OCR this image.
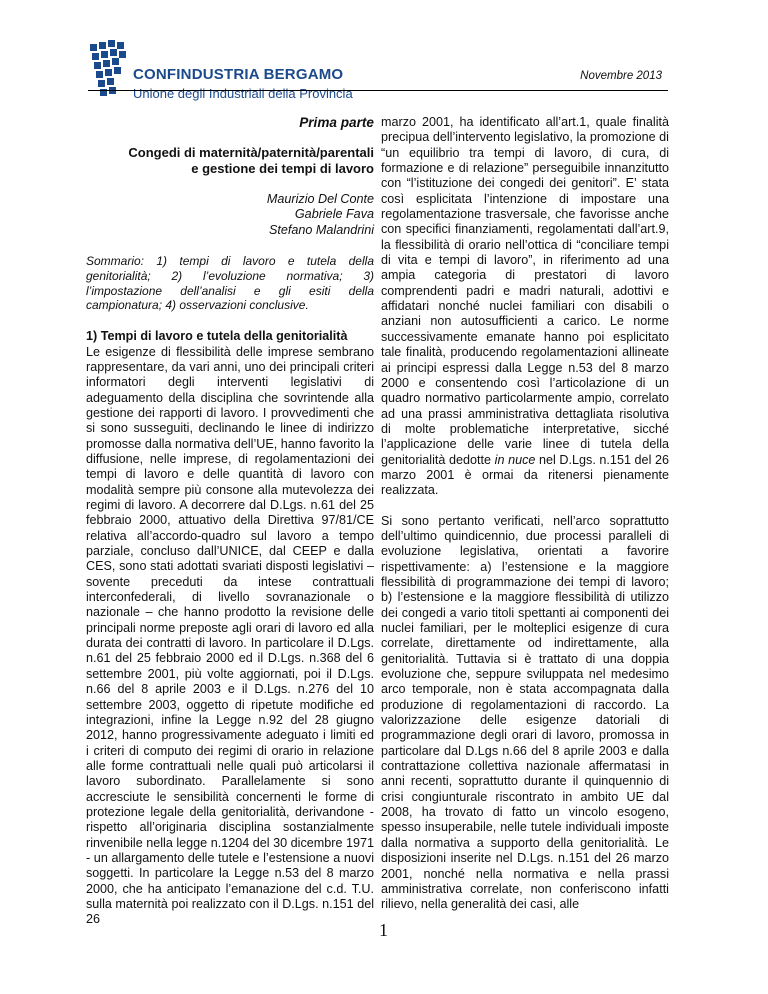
CONFINDUSTRIA BERGAMO
Unione degli Industriali della Provincia
Novembre 2013

Prima parte

Congedi di maternità/paternità/parentali
e gestione dei tempi di lavoro

Maurizio Del Conte
Gabriele Fava
Stefano Malandrini

Sommario: 1) tempi di lavoro e tutela della genitorialità; 2) l’evoluzione normativa; 3) l’impostazione dell’analisi e gli esiti della campionatura; 4) osservazioni conclusive.

1) Tempi di lavoro e tutela della genitorialità

Le esigenze di flessibilità delle imprese sembrano rappresentare, da vari anni, uno dei principali criteri informatori degli interventi legislativi di adeguamento della disciplina che sovrintende alla gestione dei rapporti di lavoro. I provvedimenti che si sono susseguiti, declinando le linee di indirizzo promosse dalla normativa dell’UE, hanno favorito la diffusione, nelle imprese, di regolamentazioni dei tempi di lavoro e delle quantità di lavoro con modalità sempre più consone alla mutevolezza dei regimi di lavoro. A decorrere dal D.Lgs. n.61 del 25 febbraio 2000, attuativo della Direttiva 97/81/CE relativa all’accordo-quadro sul lavoro a tempo parziale, concluso dall’UNICE, dal CEEP e dalla CES, sono stati adottati svariati disposti legislativi – sovente preceduti da intese contrattuali interconfederali, di livello sovranazionale o nazionale – che hanno prodotto la revisione delle principali norme preposte agli orari di lavoro ed alla durata dei contratti di lavoro. In particolare il D.Lgs. n.61 del 25 febbraio 2000 ed il D.Lgs. n.368 del 6 settembre 2001, più volte aggiornati, poi il D.Lgs. n.66 del 8 aprile 2003 e il D.Lgs. n.276 del 10 settembre 2003, oggetto di ripetute modifiche ed integrazioni, infine la Legge n.92 del 28 giugno 2012, hanno progressivamente adeguato i limiti ed i criteri di computo dei regimi di orario in relazione alle forme contrattuali nelle quali può articolarsi il lavoro subordinato. Parallelamente si sono accresciute le sensibilità concernenti le forme di protezione legale della genitorialità, derivandone - rispetto all’originaria disciplina sostanzialmente rinvenibile nella legge n.1204 del 30 dicembre 1971 - un allargamento delle tutele e l’estensione a nuovi soggetti. In particolare la Legge n.53 del 8 marzo 2000, che ha anticipato l’emanazione del c.d. T.U. sulla maternità poi realizzato con il D.Lgs. n.151 del 26

marzo 2001, ha identificato all’art.1, quale finalità precipua dell’intervento legislativo, la promozione di “un equilibrio tra tempi di lavoro, di cura, di formazione e di relazione” perseguibile innanzitutto con “l’istituzione dei congedi dei genitori”. E’ stata così esplicitata l’intenzione di impostare una regolamentazione trasversale, che favorisse anche con specifici finanziamenti, regolamentati dall’art.9, la flessibilità di orario nell’ottica di “conciliare tempi di vita e tempi di lavoro”, in riferimento ad una ampia categoria di prestatori di lavoro comprendenti padri e madri naturali, adottivi e affidatari nonché nuclei familiari con disabili o anziani non autosufficienti a carico. Le norme successivamente emanate hanno poi esplicitato tale finalità, producendo regolamentazioni allineate ai principi espressi dalla Legge n.53 del 8 marzo 2000 e consentendo così l’articolazione di un quadro normativo particolarmente ampio, correlato ad una prassi amministrativa dettagliata risolutiva di molte problematiche interpretative, sicché l’applicazione delle varie linee di tutela della genitorialità dedotte in nuce nel D.Lgs. n.151 del 26 marzo 2001 è ormai da ritenersi pienamente realizzata.

Si sono pertanto verificati, nell’arco soprattutto dell’ultimo quindicennio, due processi paralleli di evoluzione legislativa, orientati a favorire rispettivamente: a) l’estensione e la maggiore flessibilità di programmazione dei tempi di lavoro; b) l’estensione e la maggiore flessibilità di utilizzo dei congedi a vario titoli spettanti ai componenti dei nuclei familiari, per le molteplici esigenze di cura correlate, direttamente od indirettamente, alla genitorialità. Tuttavia si è trattato di una doppia evoluzione che, seppure sviluppata nel medesimo arco temporale, non è stata accompagnata dalla produzione di regolamentazioni di raccordo. La valorizzazione delle esigenze datoriali di programmazione degli orari di lavoro, promossa in particolare dal D.Lgs n.66 del 8 aprile 2003 e dalla contrattazione collettiva nazionale affermatasi in anni recenti, soprattutto durante il quinquennio di crisi congiunturale riscontrato in ambito UE dal 2008, ha trovato di fatto un vincolo esogeno, spesso insuperabile, nelle tutele individuali imposte dalla normativa a supporto della genitorialità. Le disposizioni inserite nel D.Lgs. n.151 del 26 marzo 2001, nonché nella normativa e nella prassi amministrativa correlate, non conferiscono infatti rilievo, nella generalità dei casi, alle

1
